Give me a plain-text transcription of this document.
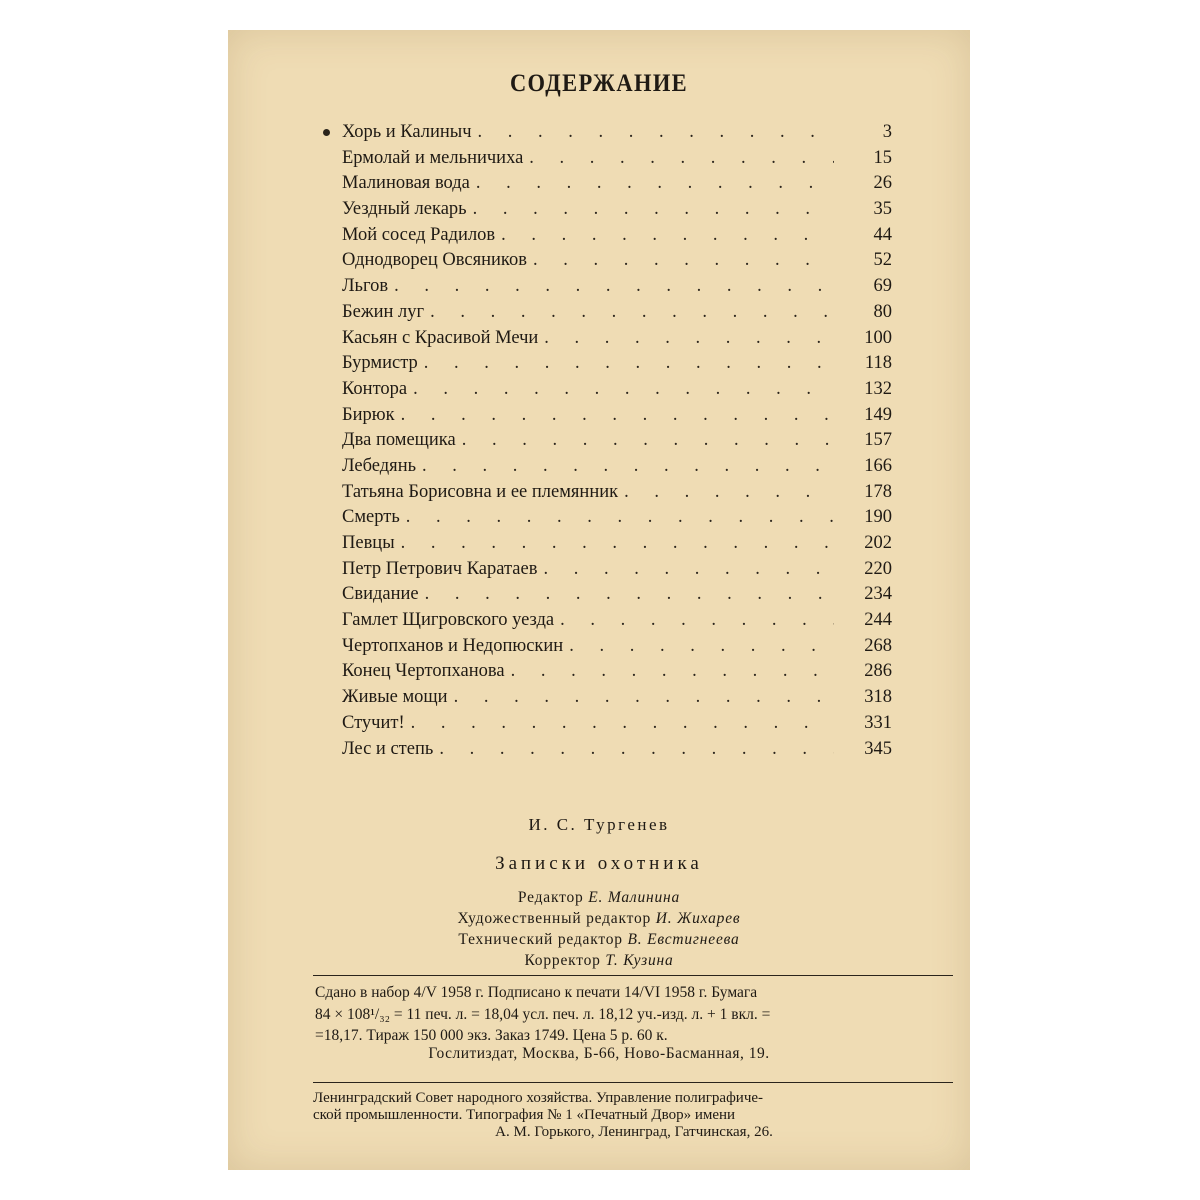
СОДЕРЖАНИЕ
Хорь и Калиныч . . .	3
Ермолай и мельничиха . . .	15
Малиновая вода . . .	26
Уездный лекарь . . .	35
Мой сосед Радилов . . .	44
Однодворец Овсяников . . .	52
Льгов . . .	69
Бежин луг . . .	80
Касьян с Красивой Мечи . . .	100
Бурмистр . . .	118
Контора . . .	132
Бирюк . . .	149
Два помещика . . .	157
Лебедянь . . .	166
Татьяна Борисовна и ее племянник . . .	178
Смерть . . .	190
Певцы . . .	202
Петр Петрович Каратаев . . .	220
Свидание . . .	234
Гамлет Щигровского уезда . . .	244
Чертопханов и Недопюскин . . .	268
Конец Чертопханова . . .	286
Живые мощи . . .	318
Стучит! . . .	331
Лес и степь . . .	345
И. С. Тургенев
Записки охотника
Редактор Е. Малинина
Художественный редактор И. Жихарев
Технический редактор В. Евстигнеева
Корректор Т. Кузина
Сдано в набор 4/V 1958 г. Подписано к печати 14/VI 1958 г. Бумага
84 × 108¹/₃₂ = 11 печ. л. = 18,04 усл. печ. л. 18,12 уч.-изд. л. + 1 вкл. =
=18,17. Тираж 150 000 экз. Заказ 1749. Цена 5 р. 60 к.
Гослитиздат, Москва, Б-66, Ново-Басманная, 19.
Ленинградский Совет народного хозяйства. Управление полиграфиче-
ской промышленности. Типография № 1 «Печатный Двор» имени
А. М. Горького, Ленинград, Гатчинская, 26.
